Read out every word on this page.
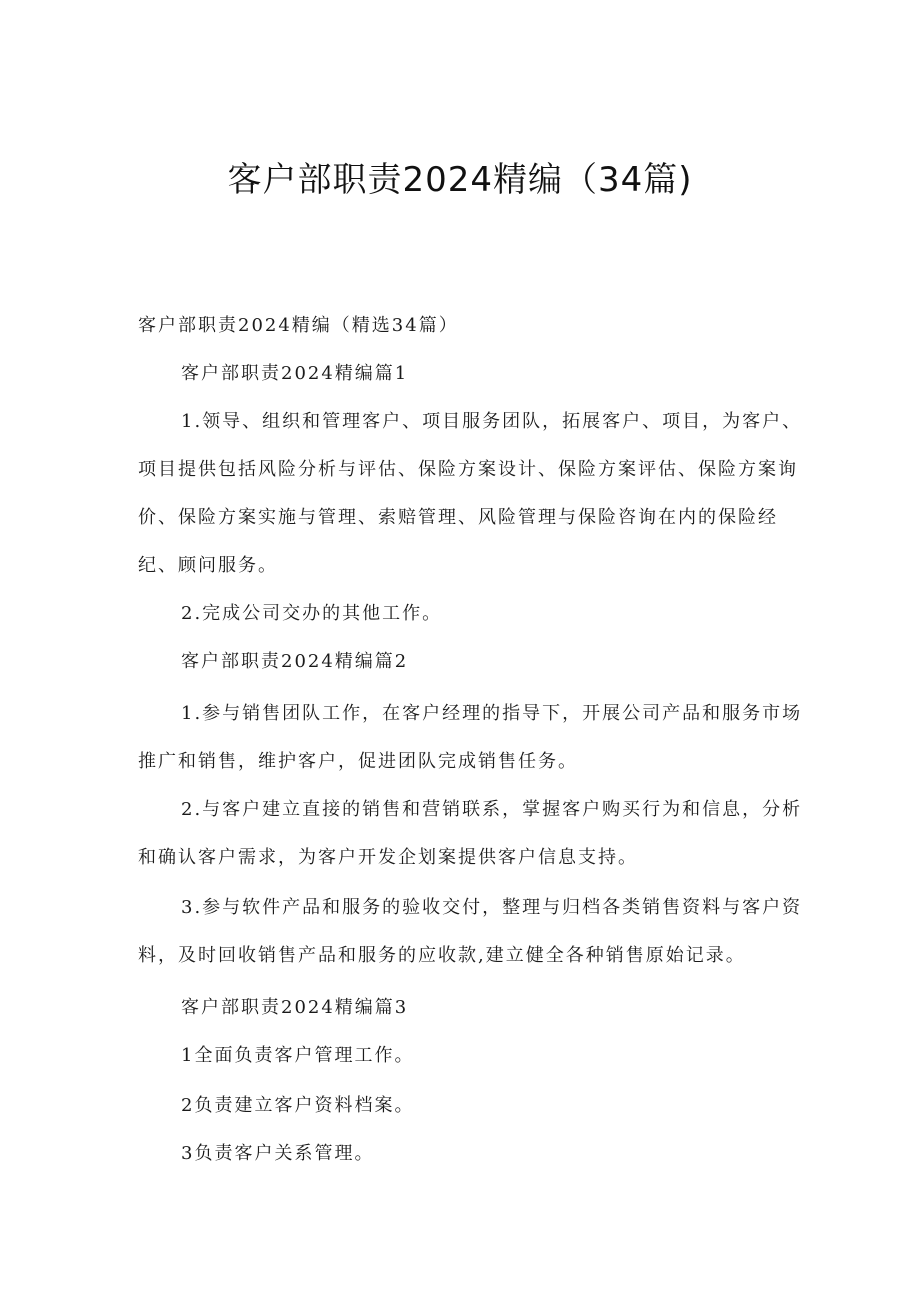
客户部职责2024精编（34篇)

客户部职责2024精编（精选34篇）

客户部职责2024精编篇1

1.领导、组织和管理客户、项目服务团队，拓展客户、项目，为客户、项目提供包括风险分析与评估、保险方案设计、保险方案评估、保险方案询价、保险方案实施与管理、索赔管理、风险管理与保险咨询在内的保险经纪、顾问服务。

2.完成公司交办的其他工作。

客户部职责2024精编篇2

1.参与销售团队工作，在客户经理的指导下，开展公司产品和服务市场推广和销售，维护客户，促进团队完成销售任务。

2.与客户建立直接的销售和营销联系，掌握客户购买行为和信息，分析和确认客户需求，为客户开发企划案提供客户信息支持。

3.参与软件产品和服务的验收交付，整理与归档各类销售资料与客户资料，及时回收销售产品和服务的应收款,建立健全各种销售原始记录。

客户部职责2024精编篇3

1全面负责客户管理工作。

2负责建立客户资料档案。

3负责客户关系管理。
